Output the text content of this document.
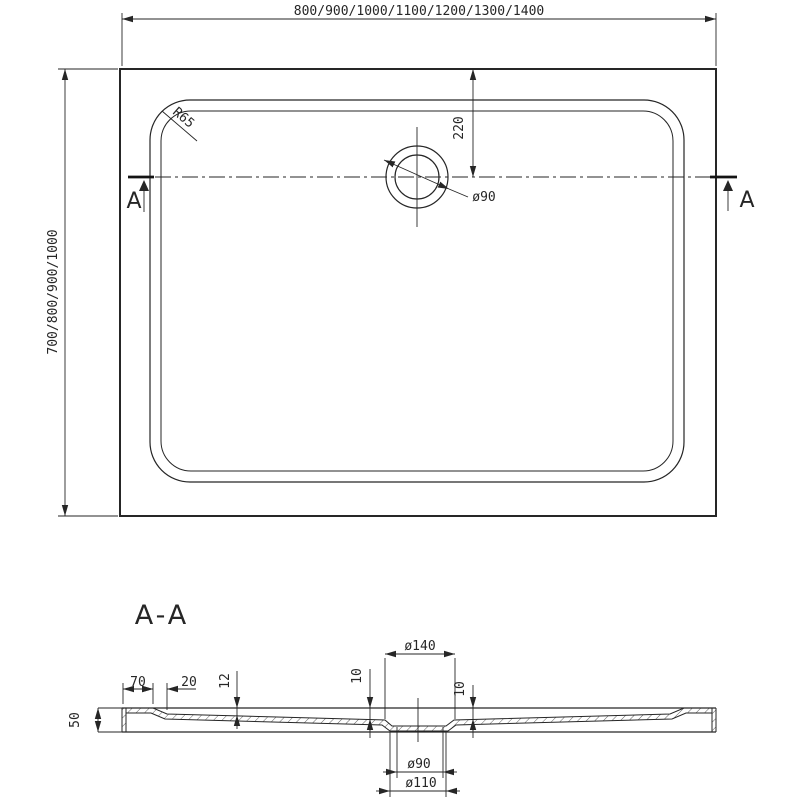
A	A
ø90
R65
800/900/1000/1100/1200/1300/1400
700/800/900/1000
220
A-A
50
70	20 12	10
10
ø140
ø90
ø110
